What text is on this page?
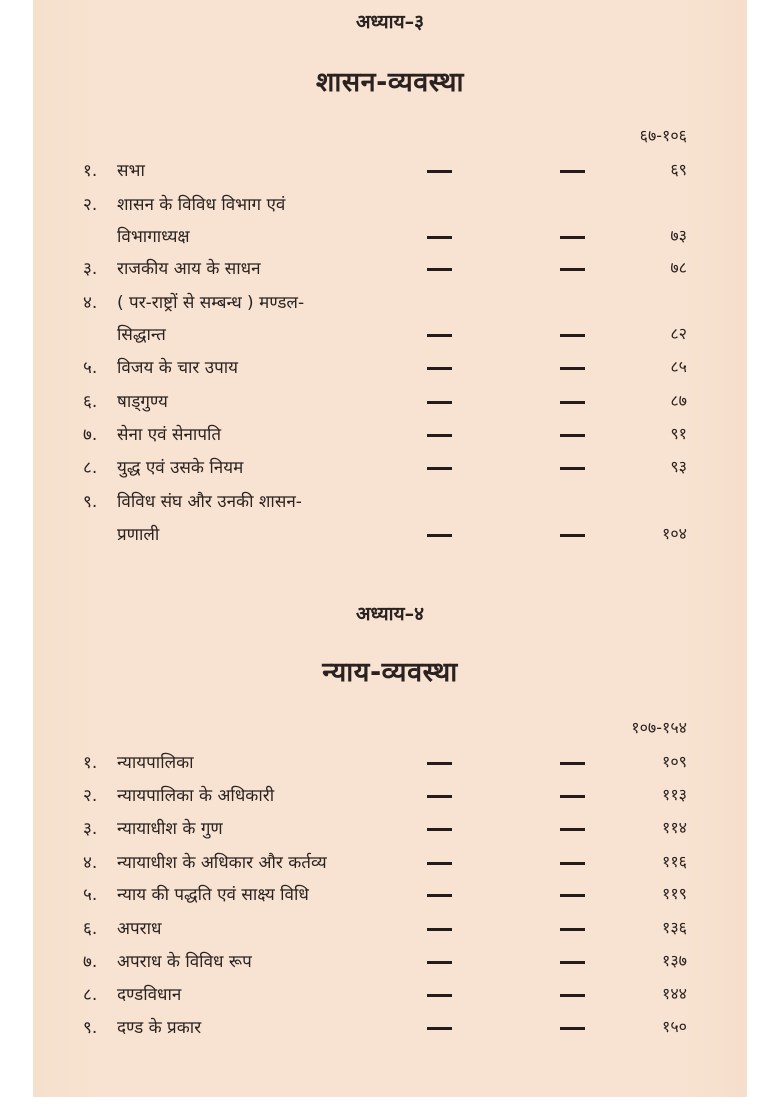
अध्याय–३
शासन-व्यवस्था
६७-१०६
१. सभा	६९
२. शासन के विविध विभाग एवं
विभागाध्यक्ष	७३
३. राजकीय आय के साधन	७८
४. ( पर-राष्ट्रों से सम्बन्ध ) मण्डल-
सिद्धान्त	८२
५. विजय के चार उपाय	८५
६. षाड्गुण्य	८७
७. सेना एवं सेनापति	९१
८. युद्ध एवं उसके नियम	९३
९. विविध संघ और उनकी शासन-
प्रणाली	१०४
अध्याय–४
न्याय-व्यवस्था
१०७-१५४
१. न्यायपालिका	१०९
२. न्यायपालिका के अधिकारी	११३
३. न्यायाधीश के गुण	११४
४. न्यायाधीश के अधिकार और कर्तव्य	११६
५. न्याय की पद्धति एवं साक्ष्य विधि	११९
६. अपराध	१३६
७. अपराध के विविध रूप	१३७
८. दण्डविधान	१४४
९. दण्ड के प्रकार	१५०
